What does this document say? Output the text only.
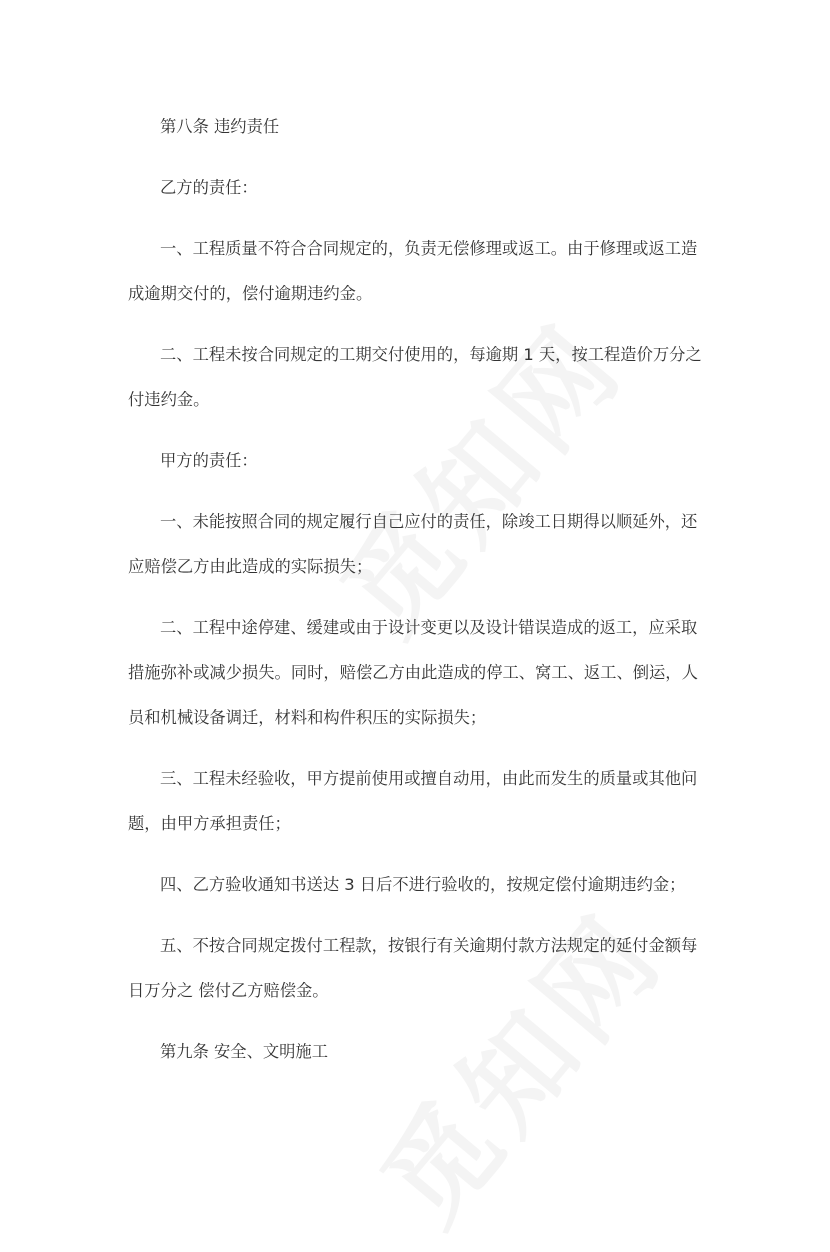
第八条 违约责任
乙方的责任：
一、工程质量不符合合同规定的，负责无偿修理或返工。由于修理或返工造
成逾期交付的，偿付逾期违约金。
二、工程未按合同规定的工期交付使用的，每逾期 1 天，按工程造价万分之
付违约金。
甲方的责任：
一、未能按照合同的规定履行自己应付的责任，除竣工日期得以顺延外，还
应赔偿乙方由此造成的实际损失；
二、工程中途停建、缓建或由于设计变更以及设计错误造成的返工，应采取
措施弥补或减少损失。同时，赔偿乙方由此造成的停工、窝工、返工、倒运，人
员和机械设备调迁，材料和构件积压的实际损失；
三、工程未经验收，甲方提前使用或擅自动用，由此而发生的质量或其他问
题，由甲方承担责任；
四、乙方验收通知书送达 3 日后不进行验收的，按规定偿付逾期违约金；
五、不按合同规定拨付工程款，按银行有关逾期付款方法规定的延付金额每
日万分之 偿付乙方赔偿金。
第九条 安全、文明施工
